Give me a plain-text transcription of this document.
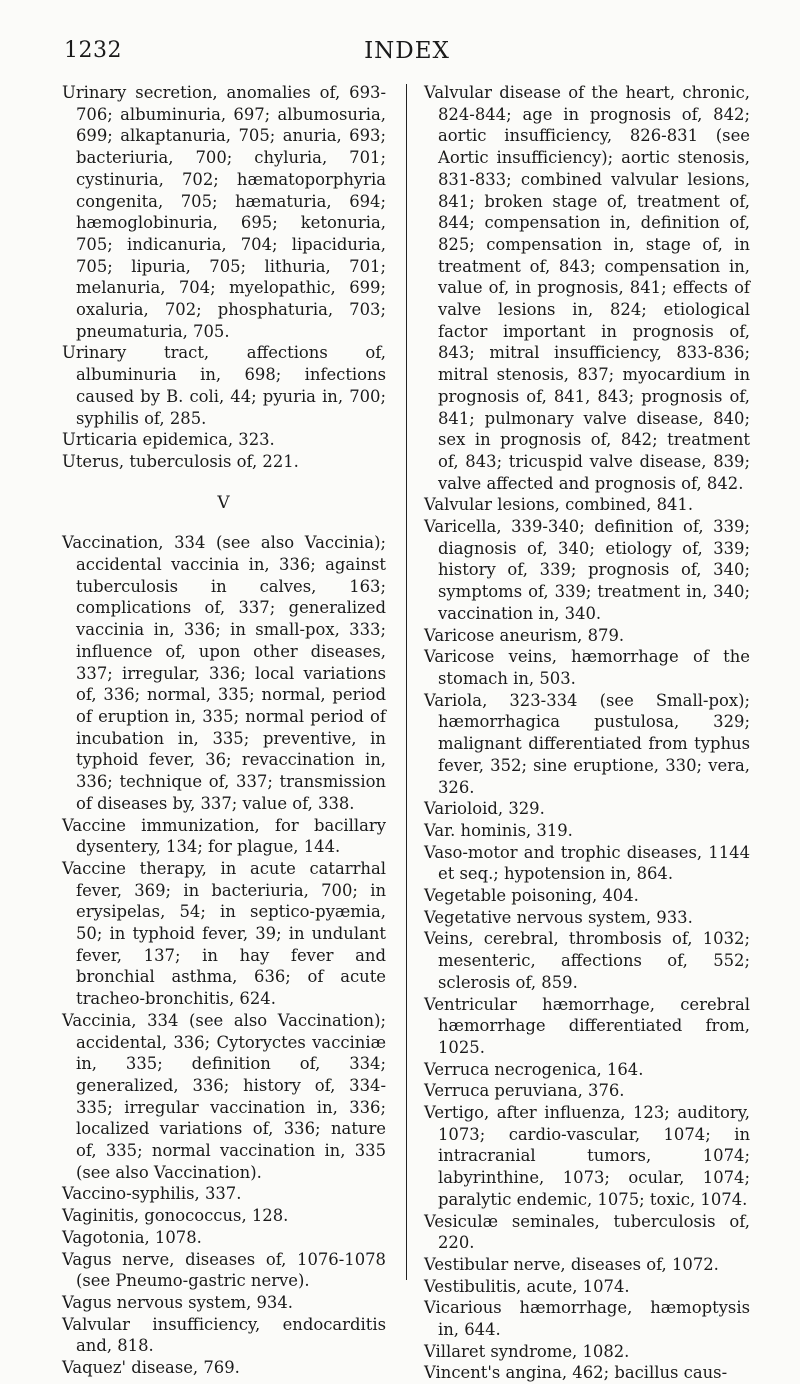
1232	INDEX

Urinary secretion, anomalies of, 693-706; albuminuria, 697; albumosuria, 699; alkaptanuria, 705; anuria, 693; bacteriuria, 700; chyluria, 701; cystinuria, 702; hæmatoporphyria congenita, 705; hæmaturia, 694; hæmoglobinuria, 695; ketonuria, 705; indicanuria, 704; lipaciduria, 705; lipuria, 705; lithuria, 701; melanuria, 704; myelopathic, 699; oxaluria, 702; phosphaturia, 703; pneumaturia, 705.

Urinary tract, affections of, albuminuria in, 698; infections caused by B. coli, 44; pyuria in, 700; syphilis of, 285.

Urticaria epidemica, 323.

Uterus, tuberculosis of, 221.

V

Vaccination, 334 (see also Vaccinia); accidental vaccinia in, 336; against tuberculosis in calves, 163; complications of, 337; generalized vaccinia in, 336; in small-pox, 333; influence of, upon other diseases, 337; irregular, 336; local variations of, 336; normal, 335; normal, period of eruption in, 335; normal period of incubation in, 335; preventive, in typhoid fever, 36; revaccination in, 336; technique of, 337; transmission of diseases by, 337; value of, 338.

Vaccine immunization, for bacillary dysentery, 134; for plague, 144.

Vaccine therapy, in acute catarrhal fever, 369; in bacteriuria, 700; in erysipelas, 54; in septico-pyæmia, 50; in typhoid fever, 39; in undulant fever, 137; in hay fever and bronchial asthma, 636; of acute tracheo-bronchitis, 624.

Vaccinia, 334 (see also Vaccination); accidental, 336; Cytoryctes vacciniæ in, 335; definition of, 334; generalized, 336; history of, 334-335; irregular vaccination in, 336; localized variations of, 336; nature of, 335; normal vaccination in, 335 (see also Vaccination).

Vaccino-syphilis, 337.

Vaginitis, gonococcus, 128.

Vagotonia, 1078.

Vagus nerve, diseases of, 1076-1078 (see Pneumo-gastric nerve).

Vagus nervous system, 934.

Valvular insufficiency, endocarditis and, 818.

Vaquez' disease, 769.

Valvular disease of the heart, chronic, 824-844; age in prognosis of, 842; aortic insufficiency, 826-831 (see Aortic insufficiency); aortic stenosis, 831-833; combined valvular lesions, 841; broken stage of, treatment of, 844; compensation in, definition of, 825; compensation in, stage of, in treatment of, 843; compensation in, value of, in prognosis, 841; effects of valve lesions in, 824; etiological factor important in prognosis of, 843; mitral insufficiency, 833-836; mitral stenosis, 837; myocardium in prognosis of, 841, 843; prognosis of, 841; pulmonary valve disease, 840; sex in prognosis of, 842; treatment of, 843; tricuspid valve disease, 839; valve affected and prognosis of, 842.

Valvular lesions, combined, 841.

Varicella, 339-340; definition of, 339; diagnosis of, 340; etiology of, 339; history of, 339; prognosis of, 340; symptoms of, 339; treatment in, 340; vaccination in, 340.

Varicose aneurism, 879.

Varicose veins, hæmorrhage of the stomach in, 503.

Variola, 323-334 (see Small-pox); hæmorrhagica pustulosa, 329; malignant differentiated from typhus fever, 352; sine eruptione, 330; vera, 326.

Varioloid, 329.

Var. hominis, 319.

Vaso-motor and trophic diseases, 1144 et seq.; hypotension in, 864.

Vegetable poisoning, 404.

Vegetative nervous system, 933.

Veins, cerebral, thrombosis of, 1032; mesenteric, affections of, 552; sclerosis of, 859.

Ventricular hæmorrhage, cerebral hæmorrhage differentiated from, 1025.

Verruca necrogenica, 164.

Verruca peruviana, 376.

Vertigo, after influenza, 123; auditory, 1073; cardio-vascular, 1074; in intracranial tumors, 1074; labyrinthine, 1073; ocular, 1074; paralytic endemic, 1075; toxic, 1074.

Vesiculæ seminales, tuberculosis of, 220.

Vestibular nerve, diseases of, 1072.

Vestibulitis, acute, 1074.

Vicarious hæmorrhage, hæmoptysis in, 644.

Villaret syndrome, 1082.

Vincent's angina, 462; bacillus caus-
